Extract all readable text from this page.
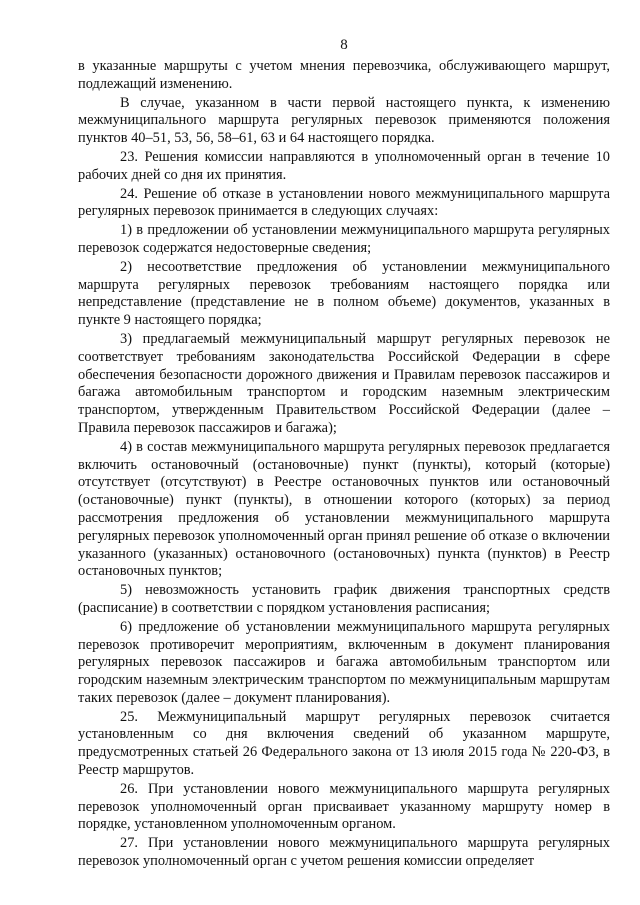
8

в указанные маршруты с учетом мнения перевозчика, обслуживающего маршрут, подлежащий изменению.

В случае, указанном в части первой настоящего пункта, к изменению межмуниципального маршрута регулярных перевозок применяются положения пунктов 40–51, 53, 56, 58–61, 63 и 64 настоящего порядка.

23. Решения комиссии направляются в уполномоченный орган в течение 10 рабочих дней со дня их принятия.

24. Решение об отказе в установлении нового межмуниципального маршрута регулярных перевозок принимается в следующих случаях:

1) в предложении об установлении межмуниципального маршрута регулярных перевозок содержатся недостоверные сведения;

2) несоответствие предложения об установлении межмуниципального маршрута регулярных перевозок требованиям настоящего порядка или непредставление (представление не в полном объеме) документов, указанных в пункте 9 настоящего порядка;

3) предлагаемый межмуниципальный маршрут регулярных перевозок не соответствует требованиям законодательства Российской Федерации в сфере обеспечения безопасности дорожного движения и Правилам перевозок пассажиров и багажа автомобильным транспортом и городским наземным электрическим транспортом, утвержденным Правительством Российской Федерации (далее – Правила перевозок пассажиров и багажа);

4) в состав межмуниципального маршрута регулярных перевозок предлагается включить остановочный (остановочные) пункт (пункты), который (которые) отсутствует (отсутствуют) в Реестре остановочных пунктов или остановочный (остановочные) пункт (пункты), в отношении которого (которых) за период рассмотрения предложения об установлении межмуниципального маршрута регулярных перевозок уполномоченный орган принял решение об отказе о включении указанного (указанных) остановочного (остановочных) пункта (пунктов) в Реестр остановочных пунктов;

5) невозможность установить график движения транспортных средств (расписание) в соответствии с порядком установления расписания;

6) предложение об установлении межмуниципального маршрута регулярных перевозок противоречит мероприятиям, включенным в документ планирования регулярных перевозок пассажиров и багажа автомобильным транспортом или городским наземным электрическим транспортом по межмуниципальным маршрутам таких перевозок (далее – документ планирования).

25. Межмуниципальный маршрут регулярных перевозок считается установленным со дня включения сведений об указанном маршруте, предусмотренных статьей 26 Федерального закона от 13 июля 2015 года № 220-ФЗ, в Реестр маршрутов.

26. При установлении нового межмуниципального маршрута регулярных перевозок уполномоченный орган присваивает указанному маршруту номер в порядке, установленном уполномоченным органом.

27. При установлении нового межмуниципального маршрута регулярных перевозок уполномоченный орган с учетом решения комиссии определяет
